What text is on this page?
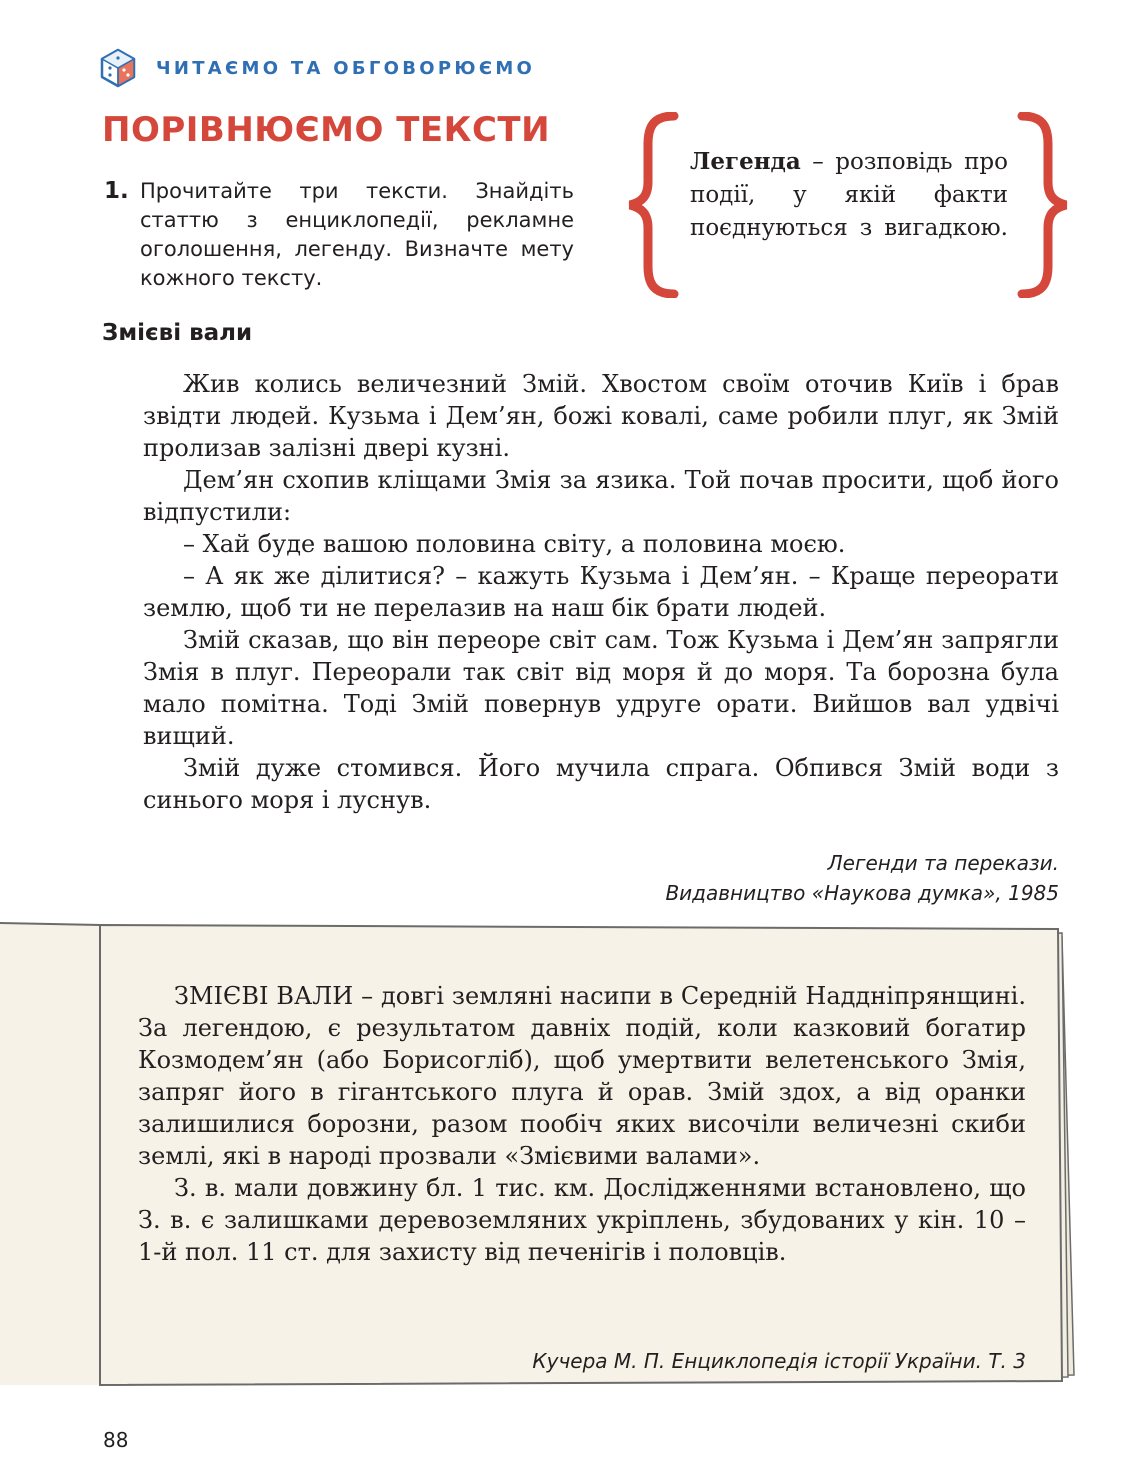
ЧИТАЄМО ТА ОБГОВОРЮЄМО
ПОРІВНЮЄМО ТЕКСТИ
1. Прочитайте три тексти. Знайдіть статтю з енциклопедії, рекламне оголошення, легенду. Визначте мету кожного тексту.
Легенда – розповідь про події, у якій факти поєднуються з вигадкою.
Змієві вали

Жив колись величезний Змій. Хвостом своїм оточив Київ і брав звідти людей. Кузьма і Дем’ян, божі ковалі, саме робили плуг, як Змій пролизав залізні двері кузні.

Дем’ян схопив кліщами Змія за язика. Той почав просити, щоб його відпустили:

– Хай буде вашою половина світу, а половина моєю.

– А як же ділитися? – кажуть Кузьма і Дем’ян. – Краще переорати землю, щоб ти не перелазив на наш бік брати людей.

Змій сказав, що він переоре світ сам. Тож Кузьма і Дем’ян запрягли Змія в плуг. Переорали так світ від моря й до моря. Та борозна була мало помітна. Тоді Змій повернув удруге орати. Вийшов вал удвічі вищий.

Змій дуже стомився. Його мучила спрага. Обпився Змій води з синього моря і луснув.

Легенди та перекази.
Видавництво «Наукова думка», 1985

ЗМІЄВІ ВАЛИ – довгі земляні насипи в Середній Наддніпрянщині. За легендою, є результатом давніх подій, коли казковий богатир Козмодем’ян (або Борисогліб), щоб умертвити велетенського Змія, запряг його в гігантського плуга й орав. Змій здох, а від оранки залишилися борозни, разом пообіч яких височіли величезні скиби землі, які в народі прозвали «Змієвими валами».

З. в. мали довжину бл. 1 тис. км. Дослідженнями встановлено, що З. в. є залишками деревоземляних укріплень, збудованих у кін. 10 – 1-й пол. 11 ст. для захисту від печенігів і половців.

Кучера М. П. Енциклопедія історії України. Т. 3
88
